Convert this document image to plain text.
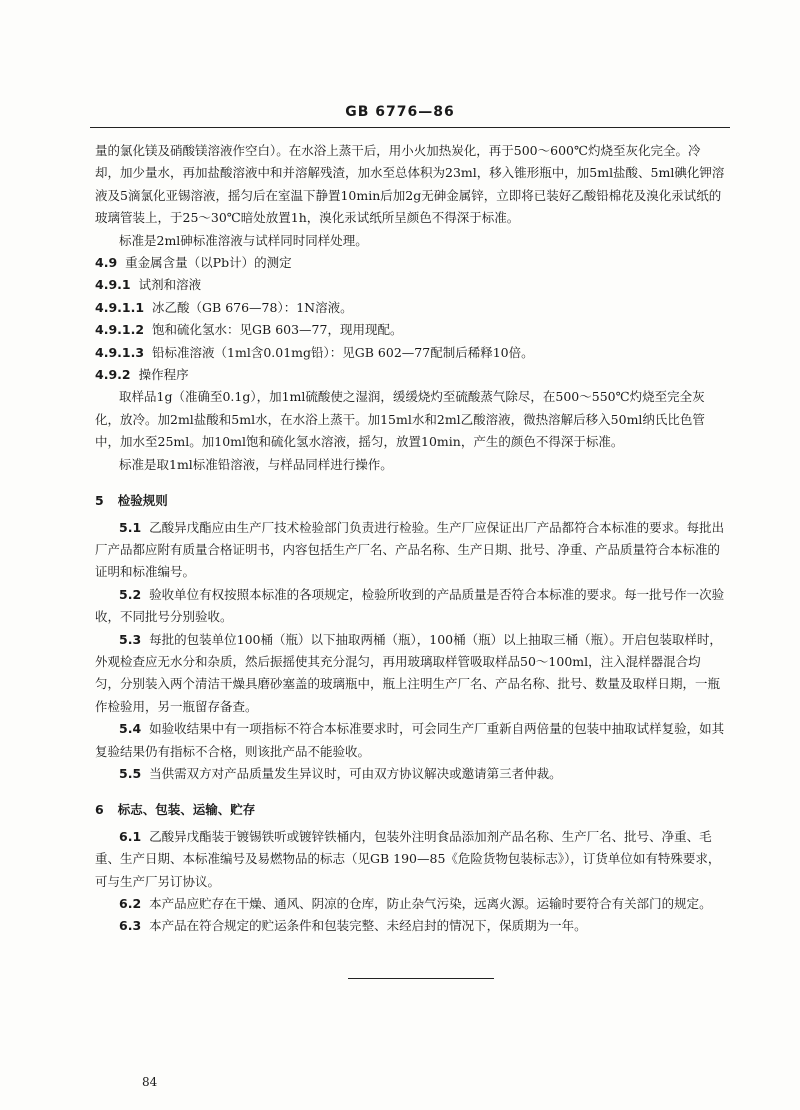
GB 6776—86

量的氯化镁及硝酸镁溶液作空白）。在水浴上蒸干后，用小火加热炭化，再于500～600℃灼烧至灰化完全。冷却，加少量水，再加盐酸溶液中和并溶解残渣，加水至总体积为23ml，移入锥形瓶中，加5ml盐酸、5ml碘化钾溶液及5滴氯化亚锡溶液，摇匀后在室温下静置10min后加2g无砷金属锌，立即将已装好乙酸铅棉花及溴化汞试纸的玻璃管装上，于25～30℃暗处放置1h，溴化汞试纸所呈颜色不得深于标准。

标准是2ml砷标准溶液与试样同时同样处理。

4.9 重金属含量（以Pb计）的测定

4.9.1 试剂和溶液

4.9.1.1 冰乙酸（GB 676—78）：1N溶液。

4.9.1.2 饱和硫化氢水：见GB 603—77，现用现配。

4.9.1.3 铅标准溶液（1ml含0.01mg铅）：见GB 602—77配制后稀释10倍。

4.9.2 操作程序

取样品1g（准确至0.1g），加1ml硫酸使之湿润，缓缓烧灼至硫酸蒸气除尽，在500～550℃灼烧至完全灰化，放冷。加2ml盐酸和5ml水，在水浴上蒸干。加15ml水和2ml乙酸溶液，微热溶解后移入50ml纳氏比色管中，加水至25ml。加10ml饱和硫化氢水溶液，摇匀，放置10min，产生的颜色不得深于标准。

标准是取1ml标准铅溶液，与样品同样进行操作。

5 检验规则

5.1 乙酸异戊酯应由生产厂技术检验部门负责进行检验。生产厂应保证出厂产品都符合本标准的要求。每批出厂产品都应附有质量合格证明书，内容包括生产厂名、产品名称、生产日期、批号、净重、产品质量符合本标准的证明和标准编号。

5.2 验收单位有权按照本标准的各项规定，检验所收到的产品质量是否符合本标准的要求。每一批号作一次验收，不同批号分别验收。

5.3 每批的包装单位100桶（瓶）以下抽取两桶（瓶），100桶（瓶）以上抽取三桶（瓶）。开启包装取样时，外观检查应无水分和杂质，然后振摇使其充分混匀，再用玻璃取样管吸取样品50～100ml，注入混样器混合均匀，分别装入两个清洁干燥具磨砂塞盖的玻璃瓶中，瓶上注明生产厂名、产品名称、批号、数量及取样日期，一瓶作检验用，另一瓶留存备查。

5.4 如验收结果中有一项指标不符合本标准要求时，可会同生产厂重新自两倍量的包装中抽取试样复验，如其复验结果仍有指标不合格，则该批产品不能验收。

5.5 当供需双方对产品质量发生异议时，可由双方协议解决或邀请第三者仲裁。

6 标志、包装、运输、贮存

6.1 乙酸异戊酯装于镀锡铁听或镀锌铁桶内，包装外注明食品添加剂产品名称、生产厂名、批号、净重、毛重、生产日期、本标准编号及易燃物品的标志（见GB 190—85《危险货物包装标志》），订货单位如有特殊要求，可与生产厂另订协议。

6.2 本产品应贮存在干燥、通风、阴凉的仓库，防止杂气污染，远离火源。运输时要符合有关部门的规定。

6.3 本产品在符合规定的贮运条件和包装完整、未经启封的情况下，保质期为一年。

84
